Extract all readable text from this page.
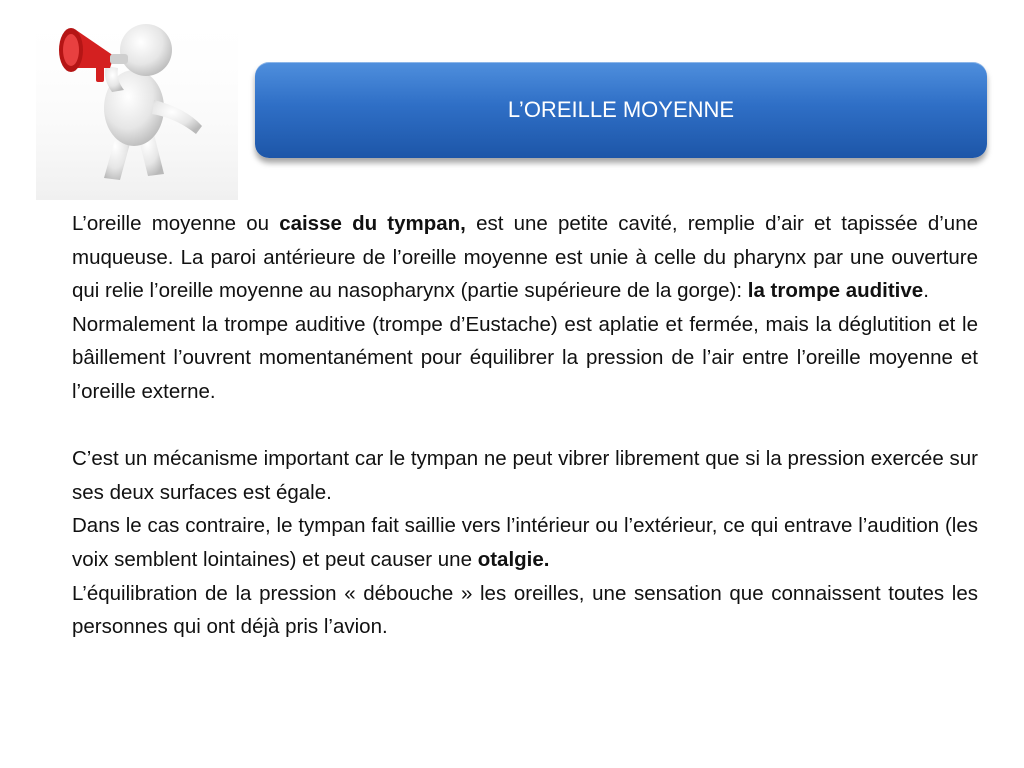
L’OREILLE MOYENNE

L’oreille moyenne ou caisse du tympan, est une petite cavité, remplie d’air et tapissée d’une muqueuse. La paroi antérieure de l’oreille moyenne est unie à celle du pharynx par une ouverture qui relie l’oreille moyenne au nasopharynx (partie supérieure de la gorge): la trompe auditive.

Normalement la trompe auditive (trompe d’Eustache) est aplatie et fermée, mais la déglutition et le bâillement l’ouvrent momentanément pour équilibrer la pression de l’air entre l’oreille moyenne et l’oreille externe.

C’est un mécanisme important car le tympan ne peut vibrer librement que si la pression exercée sur ses deux surfaces est égale.

Dans le cas contraire, le tympan fait saillie vers l’intérieur ou l’extérieur, ce qui entrave l’audition (les voix semblent lointaines) et peut causer une otalgie.

L’équilibration de la pression « débouche » les oreilles, une sensation que connaissent toutes les personnes qui ont déjà pris l’avion.
